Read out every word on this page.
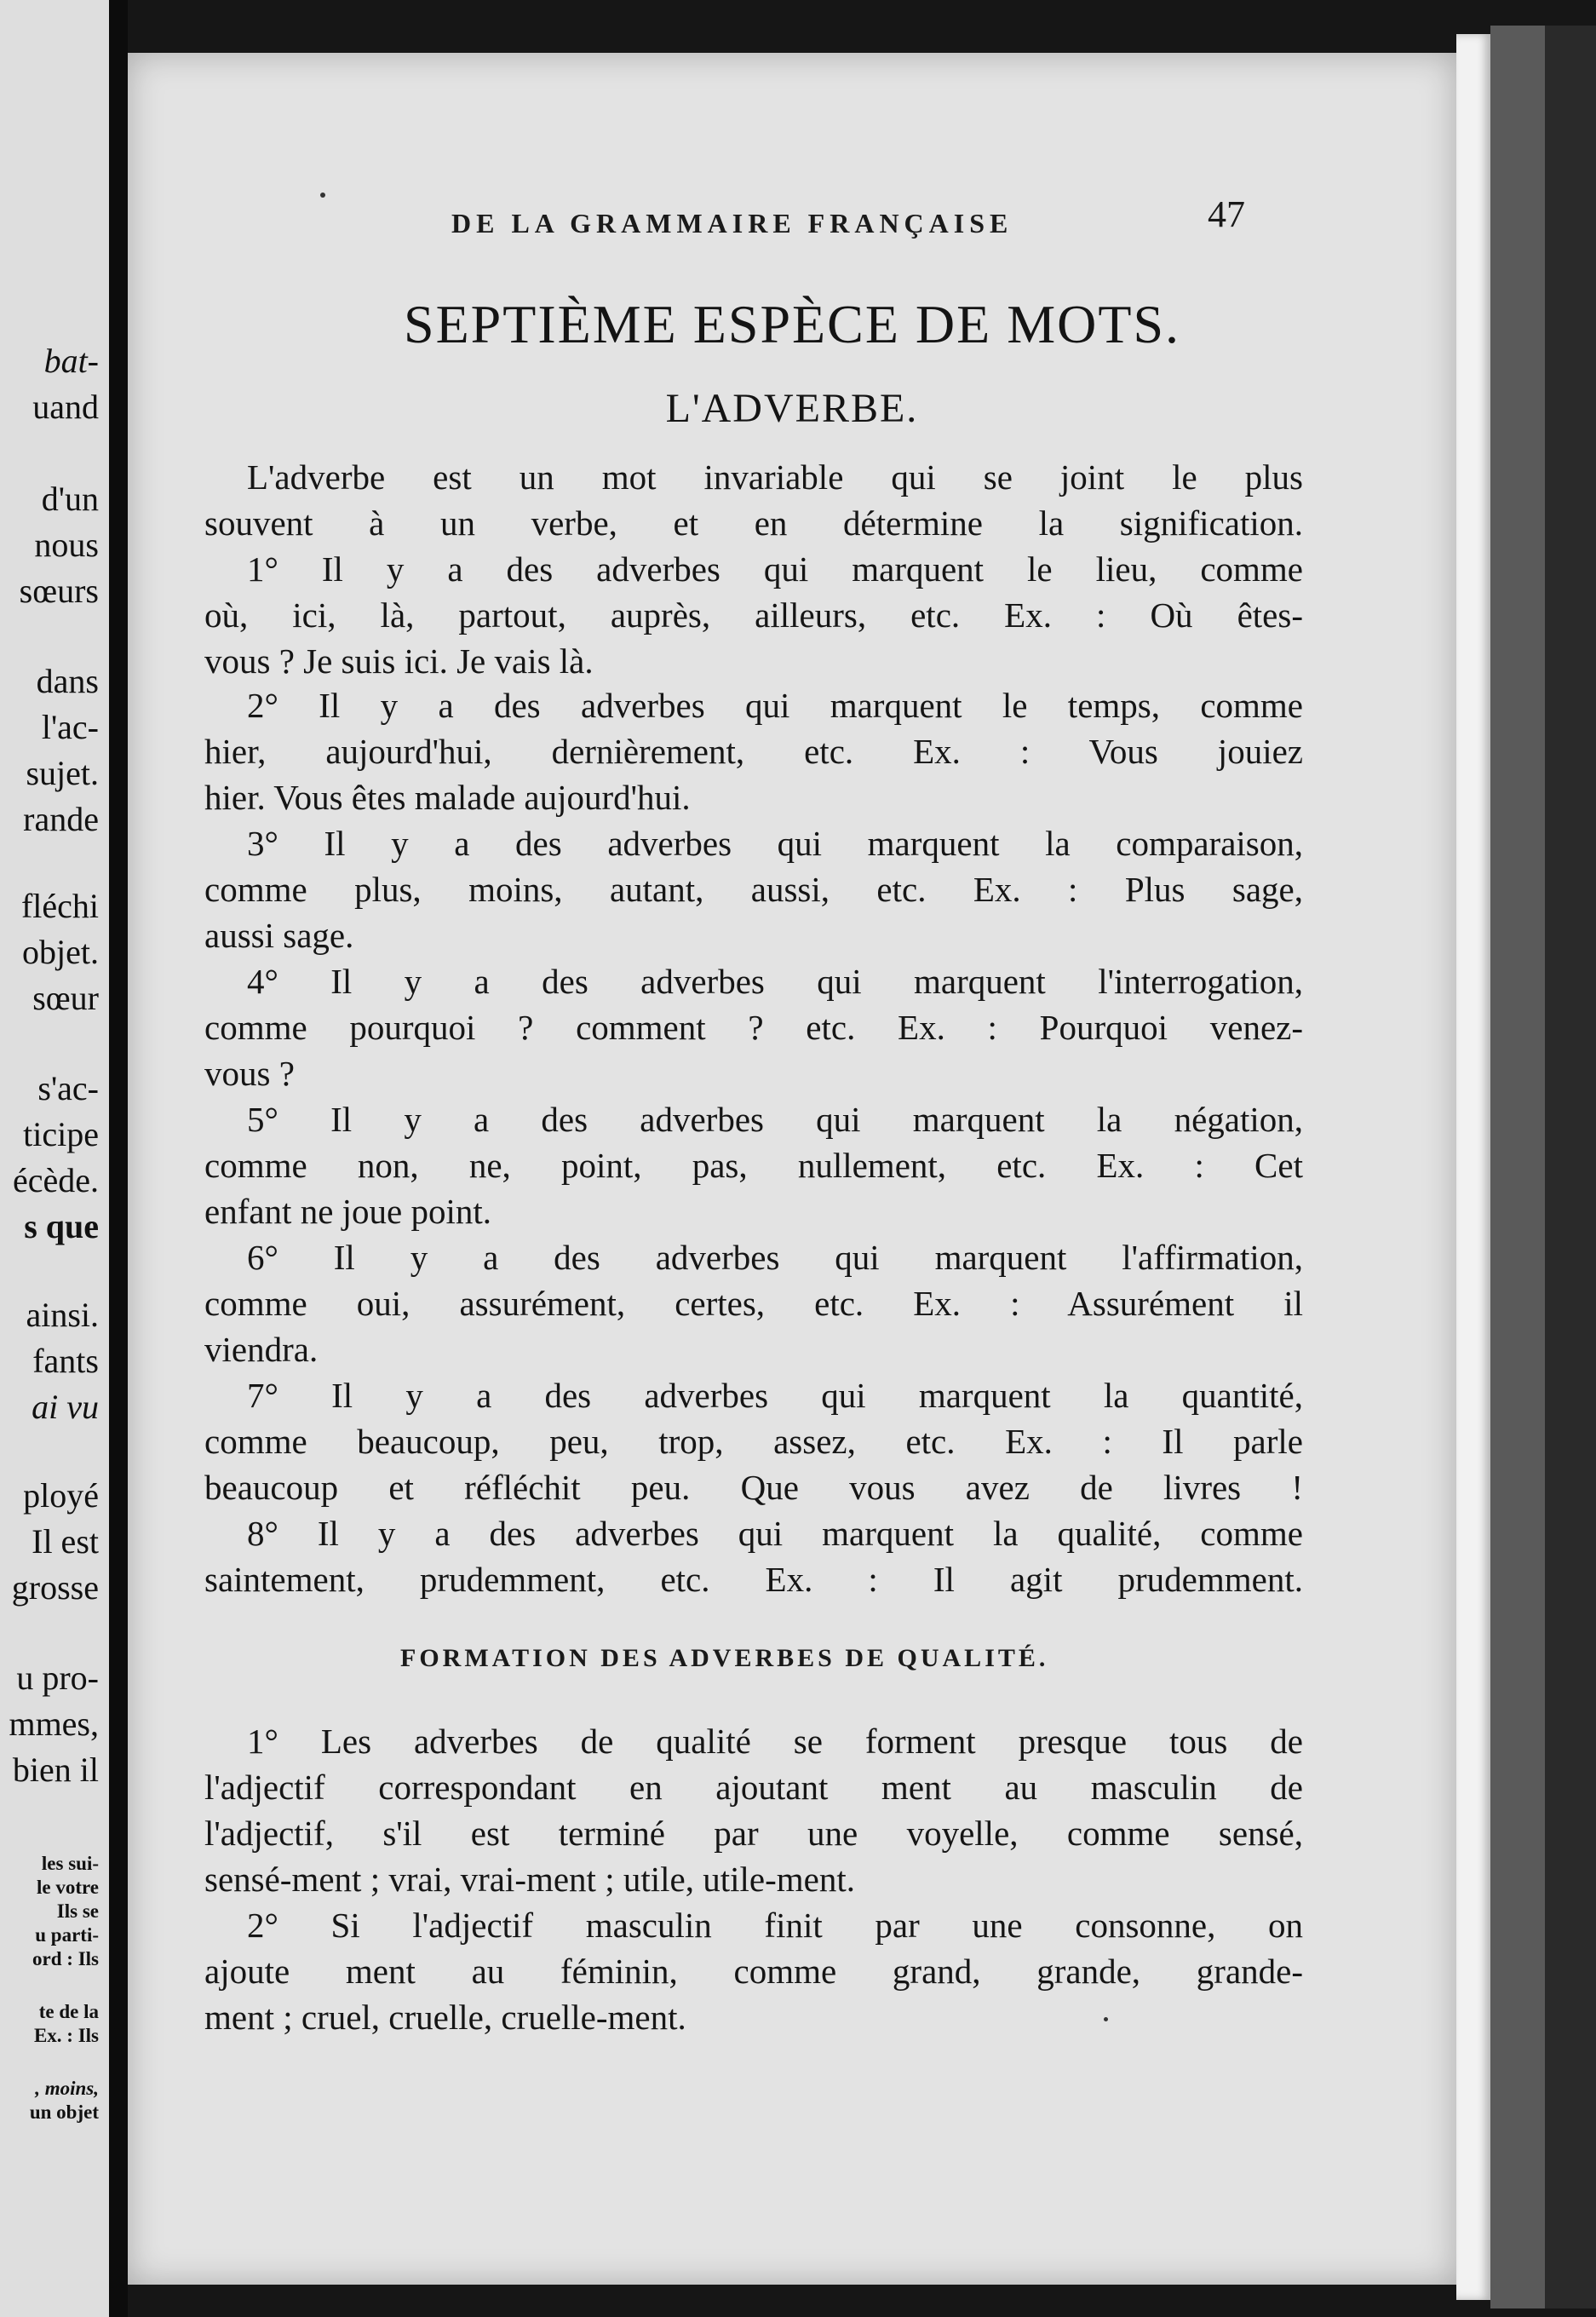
bat-
uand
d'un
nous
sœurs
dans
l'ac-
sujet.
rande
fléchi
objet.
sœur
s'ac-
ticipe
écède.
s que
ainsi.
fants
ai vu
ployé
Il est
grosse
u pro-
mmes,
bien il
les sui-
le votre
Ils se
u parti-
ord : Ils
te de la
Ex. : Ils
, moins,
un objet
DE LA GRAMMAIRE FRANÇAISE	47
SEPTIÈME ESPÈCE DE MOTS.
L'ADVERBE.
L'adverbe est un mot invariable qui se joint le plus
souvent à un verbe, et en détermine la signification.
1° Il y a des adverbes qui marquent le lieu, comme
où, ici, là, partout, auprès, ailleurs, etc. Ex. : Où êtes-
vous ? Je suis ici. Je vais là.
2° Il y a des adverbes qui marquent le temps, comme
hier, aujourd'hui, dernièrement, etc. Ex. : Vous jouiez
hier. Vous êtes malade aujourd'hui.
3° Il y a des adverbes qui marquent la comparaison,
comme plus, moins, autant, aussi, etc. Ex. : Plus sage,
aussi sage.
4° Il y a des adverbes qui marquent l'interrogation,
comme pourquoi ? comment ? etc. Ex. : Pourquoi venez-
vous ?
5° Il y a des adverbes qui marquent la négation,
comme non, ne, point, pas, nullement, etc. Ex. : Cet
enfant ne joue point.
6° Il y a des adverbes qui marquent l'affirmation,
comme oui, assurément, certes, etc. Ex. : Assurément il
viendra.
7° Il y a des adverbes qui marquent la quantité,
comme beaucoup, peu, trop, assez, etc. Ex. : Il parle
beaucoup et réfléchit peu. Que vous avez de livres !
8° Il y a des adverbes qui marquent la qualité, comme
saintement, prudemment, etc. Ex. : Il agit prudemment.
FORMATION DES ADVERBES DE QUALITÉ.
1° Les adverbes de qualité se forment presque tous de
l'adjectif correspondant en ajoutant ment au masculin de
l'adjectif, s'il est terminé par une voyelle, comme sensé,
sensé-ment ; vrai, vrai-ment ; utile, utile-ment.
2° Si l'adjectif masculin finit par une consonne, on
ajoute ment au féminin, comme grand, grande, grande-
ment ; cruel, cruelle, cruelle-ment.
